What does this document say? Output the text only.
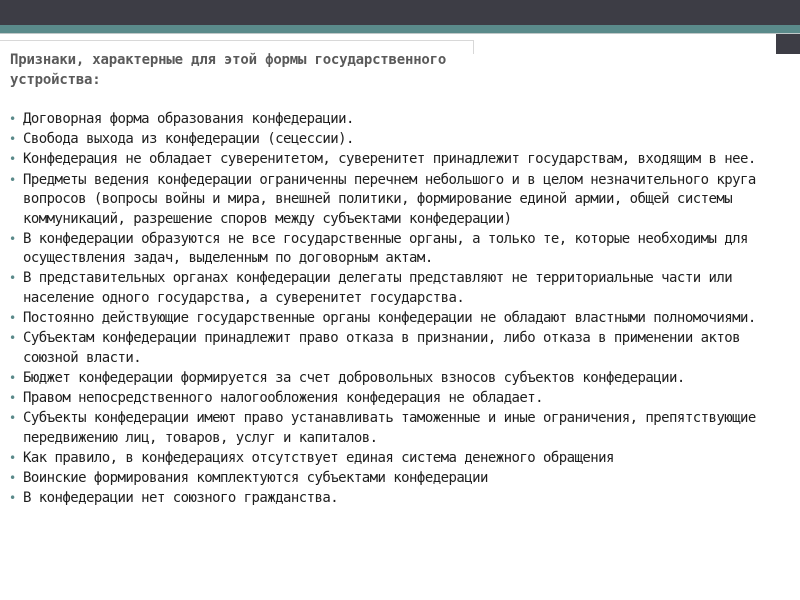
Признаки, характерные для этой формы государственного устройства:
• Договорная форма образования конфедерации.
• Свобода выхода из конфедерации (сецессии).
• Конфедерация не обладает суверенитетом, суверенитет принадлежит государствам, входящим в нее.
• Предметы ведения конфедерации ограниченны перечнем небольшого и в целом незначительного круга вопросов (вопросы войны и мира, внешней политики, формирование единой армии, общей системы коммуникаций, разрешение споров между субъектами конфедерации)
• В конфедерации образуются не все государственные органы, а только те, которые необходимы для осуществления задач, выделенным по договорным актам.
• В представительных органах конфедерации делегаты представляют не территориальные части или население одного государства, а суверенитет государства.
• Постоянно действующие государственные органы конфедерации не обладают властными полномочиями.
• Субъектам конфедерации принадлежит право отказа в признании, либо отказа в применении актов союзной власти.
• Бюджет конфедерации формируется за счет добровольных взносов субъектов конфедерации.
• Правом непосредственного налогообложения конфедерация не обладает.
• Субъекты конфедерации имеют право устанавливать таможенные и иные ограничения, препятствующие передвижению лиц, товаров, услуг и капиталов.
• Как правило, в конфедерациях отсутствует единая система денежного обращения
• Воинские формирования комплектуются субъектами конфедерации
• В конфедерации нет союзного гражданства.
